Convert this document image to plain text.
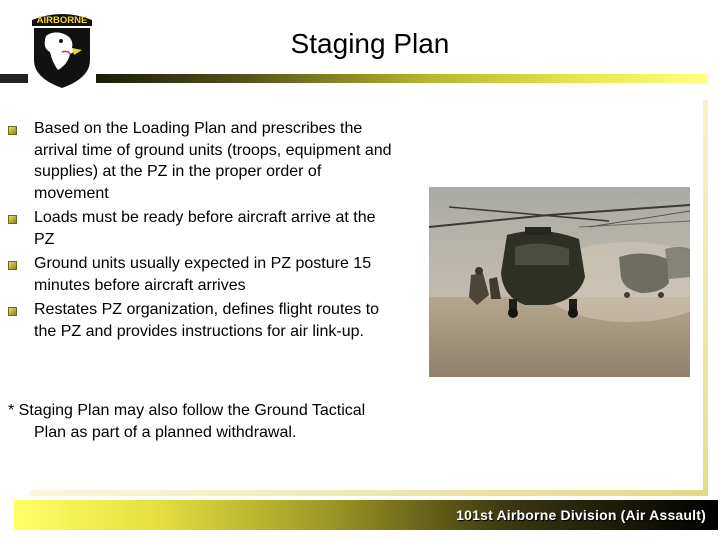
AIRBORNE
Staging Plan
Based on the Loading Plan and prescribes the arrival time of ground units (troops, equipment and supplies) at the PZ in the proper order of movement
Loads must be ready before aircraft arrive at the PZ
Ground units usually expected in PZ posture 15 minutes before aircraft arrives
Restates PZ organization, defines flight routes to the PZ and provides instructions for air link-up.
* Staging Plan may also follow the Ground Tactical Plan as part of a planned withdrawal.
101st Airborne Division (Air Assault)
